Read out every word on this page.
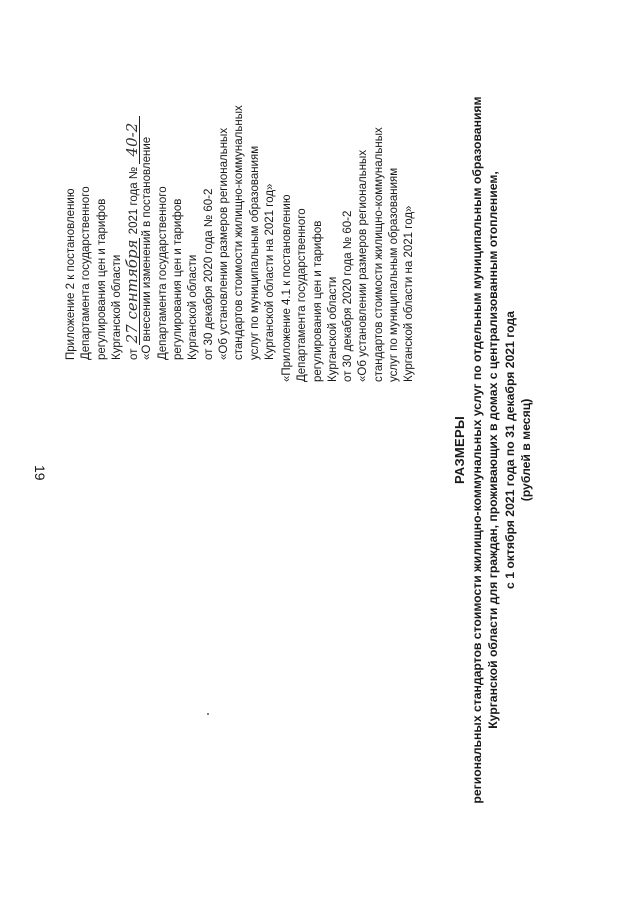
19
Приложение 2 к постановлению Департамента государственного регулирования цен и тарифов Курганской области от 27 сентября 2021 года № 40-2 «О внесении изменений в постановление Департамента государственного регулирования цен и тарифов Курганской области от 30 декабря 2020 года № 60-2 «Об установлении размеров региональных стандартов стоимости жилищно-коммунальных услуг по муниципальным образованиям Курганской области на 2021 год» «Приложение 4.1 к постановлению Департамента государственного регулирования цен и тарифов Курганской области от 30 декабря 2020 года № 60-2 «Об установлении размеров региональных стандартов стоимости жилищно-коммунальных услуг по муниципальным образованиям Курганской области на 2021 год»
РАЗМЕРЫ региональных стандартов стоимости жилищно-коммунальных услуг по отдельным муниципальным образованиям Курганской области для граждан, проживающих в домах с централизованным отоплением, с 1 октября 2021 года по 31 декабря 2021 года (рублей в месяц)
